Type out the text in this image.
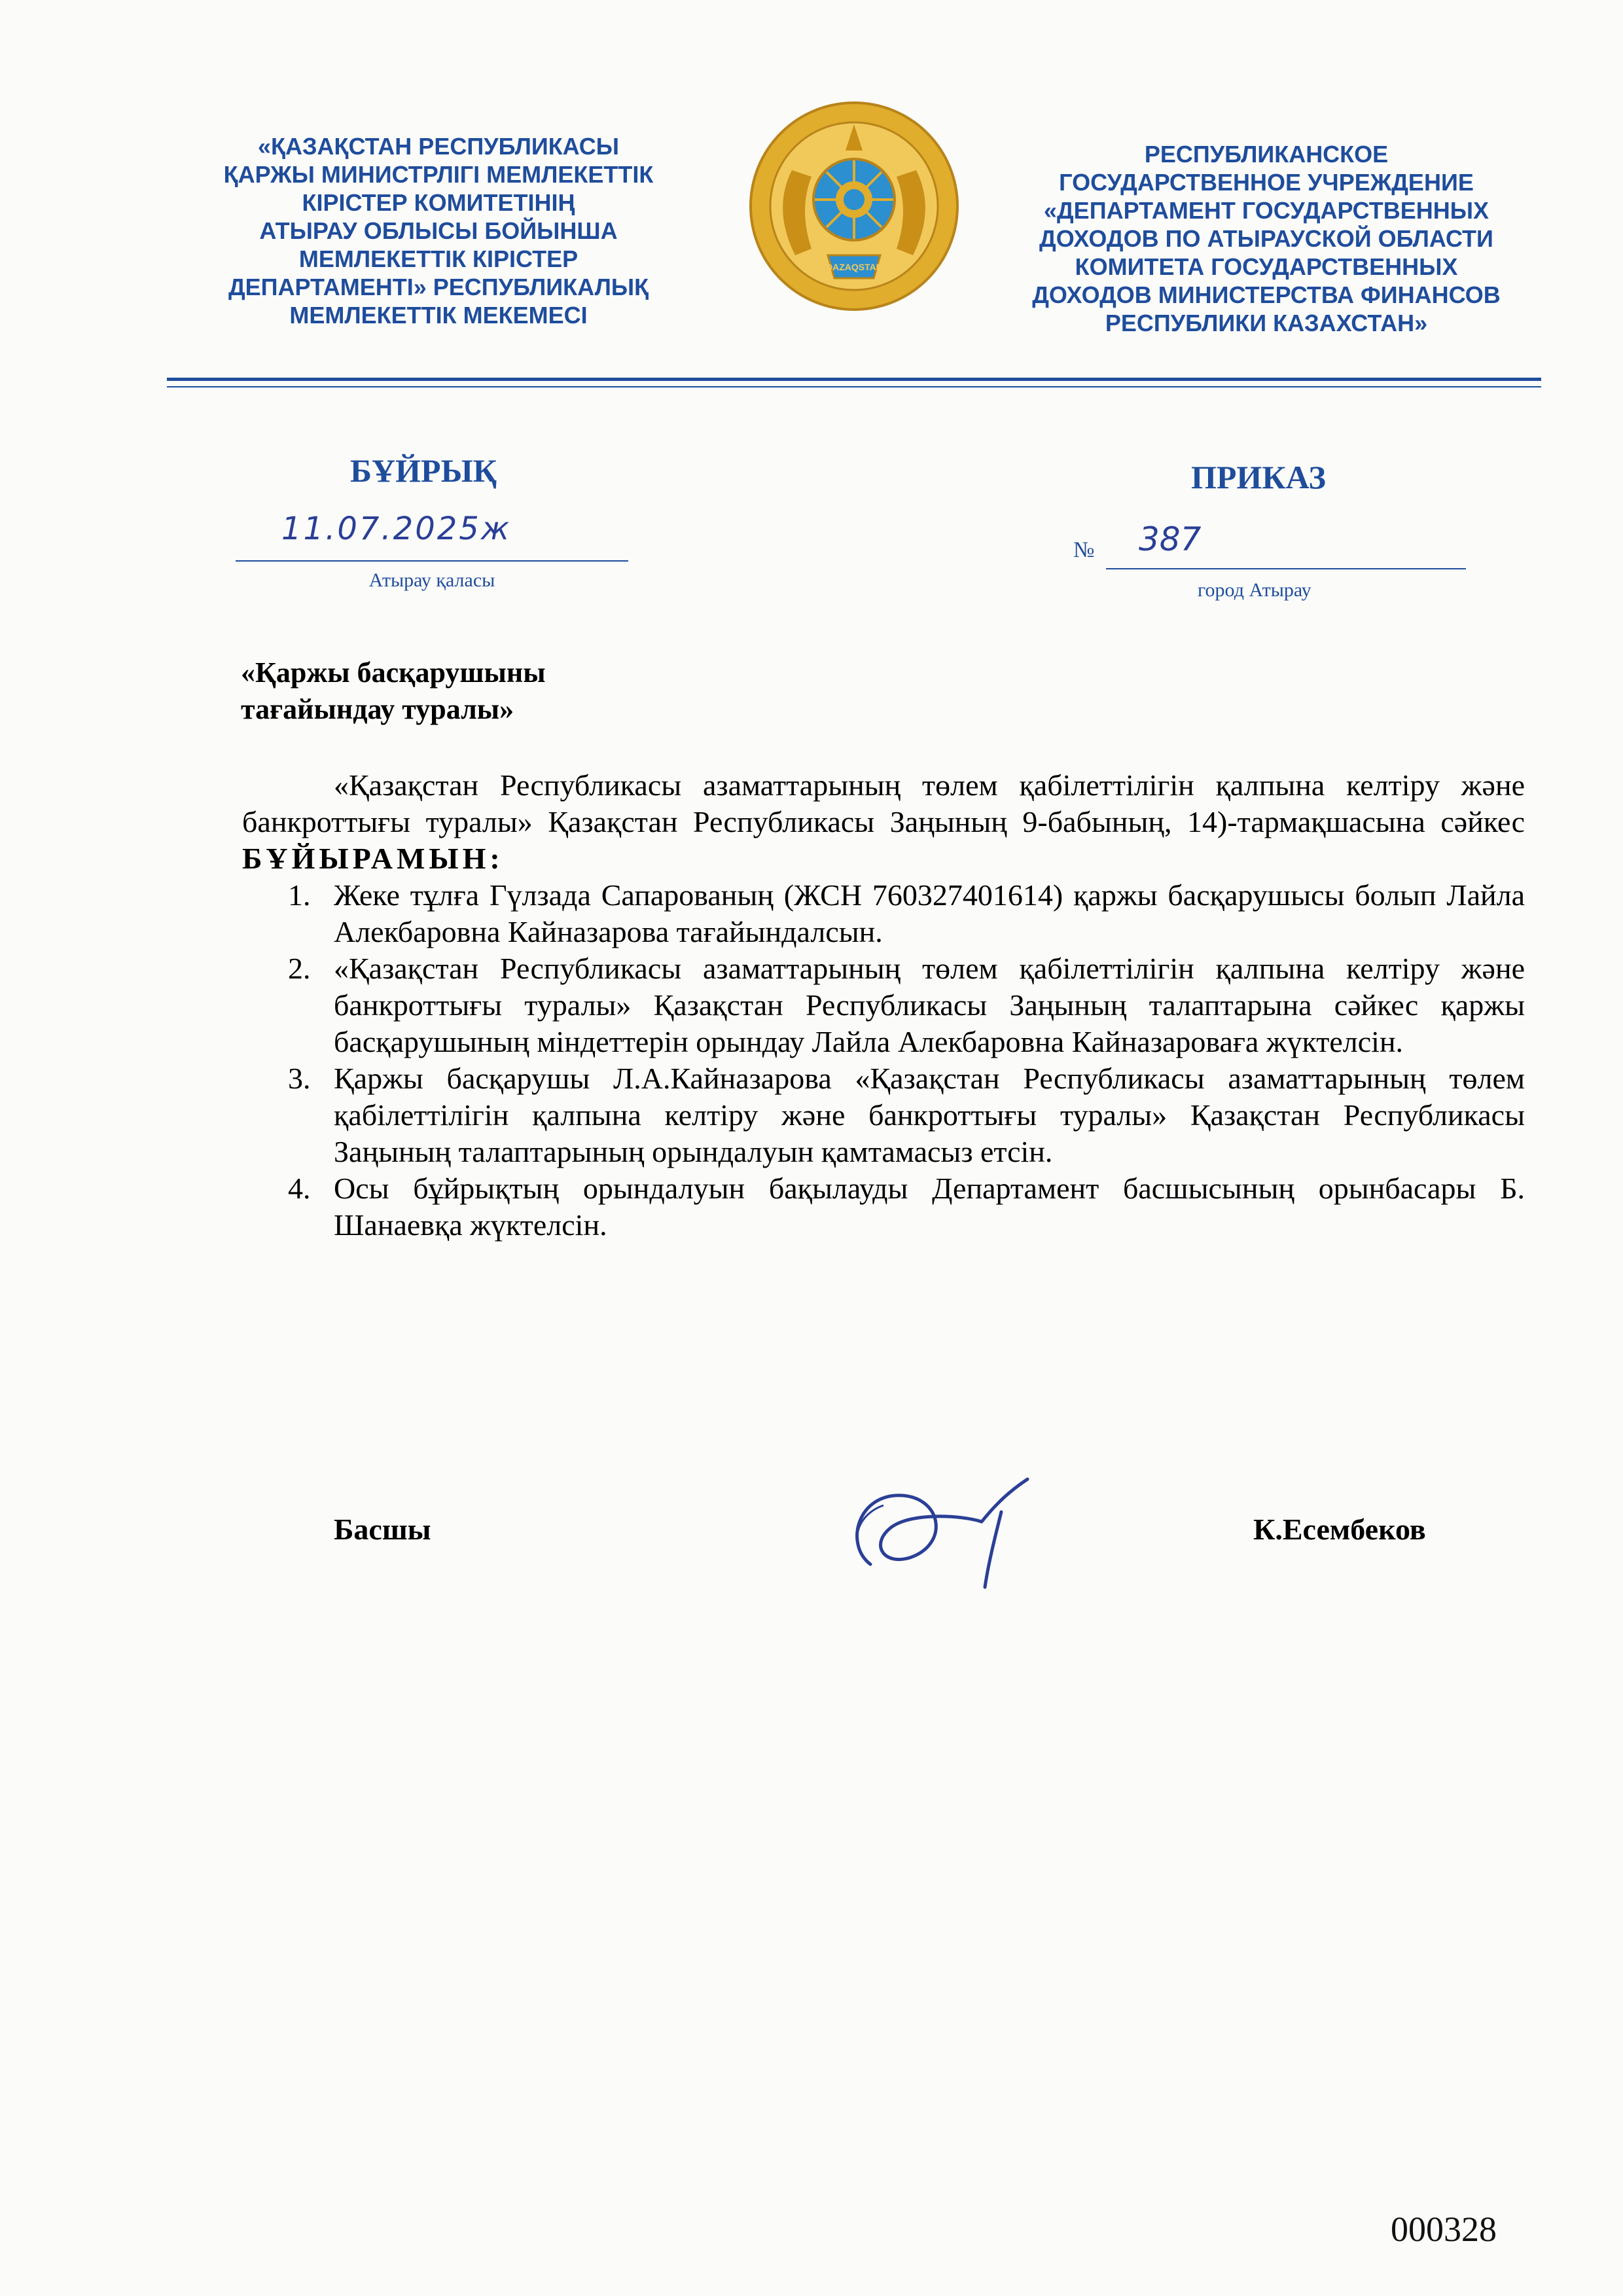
«ҚАЗАҚСТАН РЕСПУБЛИКАСЫ
ҚАРЖЫ МИНИСТРЛІГІ МЕМЛЕКЕТТІК
КІРІСТЕР КОМИТЕТІНІҢ
АТЫРАУ ОБЛЫСЫ БОЙЫНША
МЕМЛЕКЕТТІК КІРІСТЕР
ДЕПАРТАМЕНТІ» РЕСПУБЛИКАЛЫҚ
МЕМЛЕКЕТТІК МЕКЕМЕСІ
QAZAQSTAN
РЕСПУБЛИКАНСКОЕ
ГОСУДАРСТВЕННОЕ УЧРЕЖДЕНИЕ
«ДЕПАРТАМЕНТ ГОСУДАРСТВЕННЫХ
ДОХОДОВ ПО АТЫРАУСКОЙ ОБЛАСТИ
КОМИТЕТА ГОСУДАРСТВЕННЫХ
ДОХОДОВ МИНИСТЕРСТВА ФИНАНСОВ
РЕСПУБЛИКИ КАЗАХСТАН»
БҰЙРЫҚ	ПРИКАЗ
11.07.2025ж
Атырау қаласы
№ 387
город Атырау
«Қаржы басқарушыны
тағайындау туралы»

«Қазақстан Республикасы азаматтарының төлем қабілеттілігін қалпына келтіру және банкроттығы туралы» Қазақстан Республикасы Заңының 9-бабының, 14)-тармақшасына сәйкес БҰЙЫРАМЫН:

1. Жеке тұлға Гүлзада Сапарованың (ЖСН 760327401614) қаржы басқарушысы болып Лайла Алекбаровна Кайназарова тағайындалсын.
2. «Қазақстан Республикасы азаматтарының төлем қабілеттілігін қалпына келтіру және банкроттығы туралы» Қазақстан Республикасы Заңының талаптарына сәйкес қаржы басқарушының міндеттерін орындау Лайла Алекбаровна Кайназароваға жүктелсін.
3. Қаржы басқарушы Л.А.Кайназарова «Қазақстан Республикасы азаматтарының төлем қабілеттілігін қалпына келтіру және банкроттығы туралы» Қазақстан Республикасы Заңының талаптарының орындалуын қамтамасыз етсін.
4. Осы бұйрықтың орындалуын бақылауды Департамент басшысының орынбасары Б. Шанаевқа жүктелсін.
Басшы	К.Есембеков
000328
